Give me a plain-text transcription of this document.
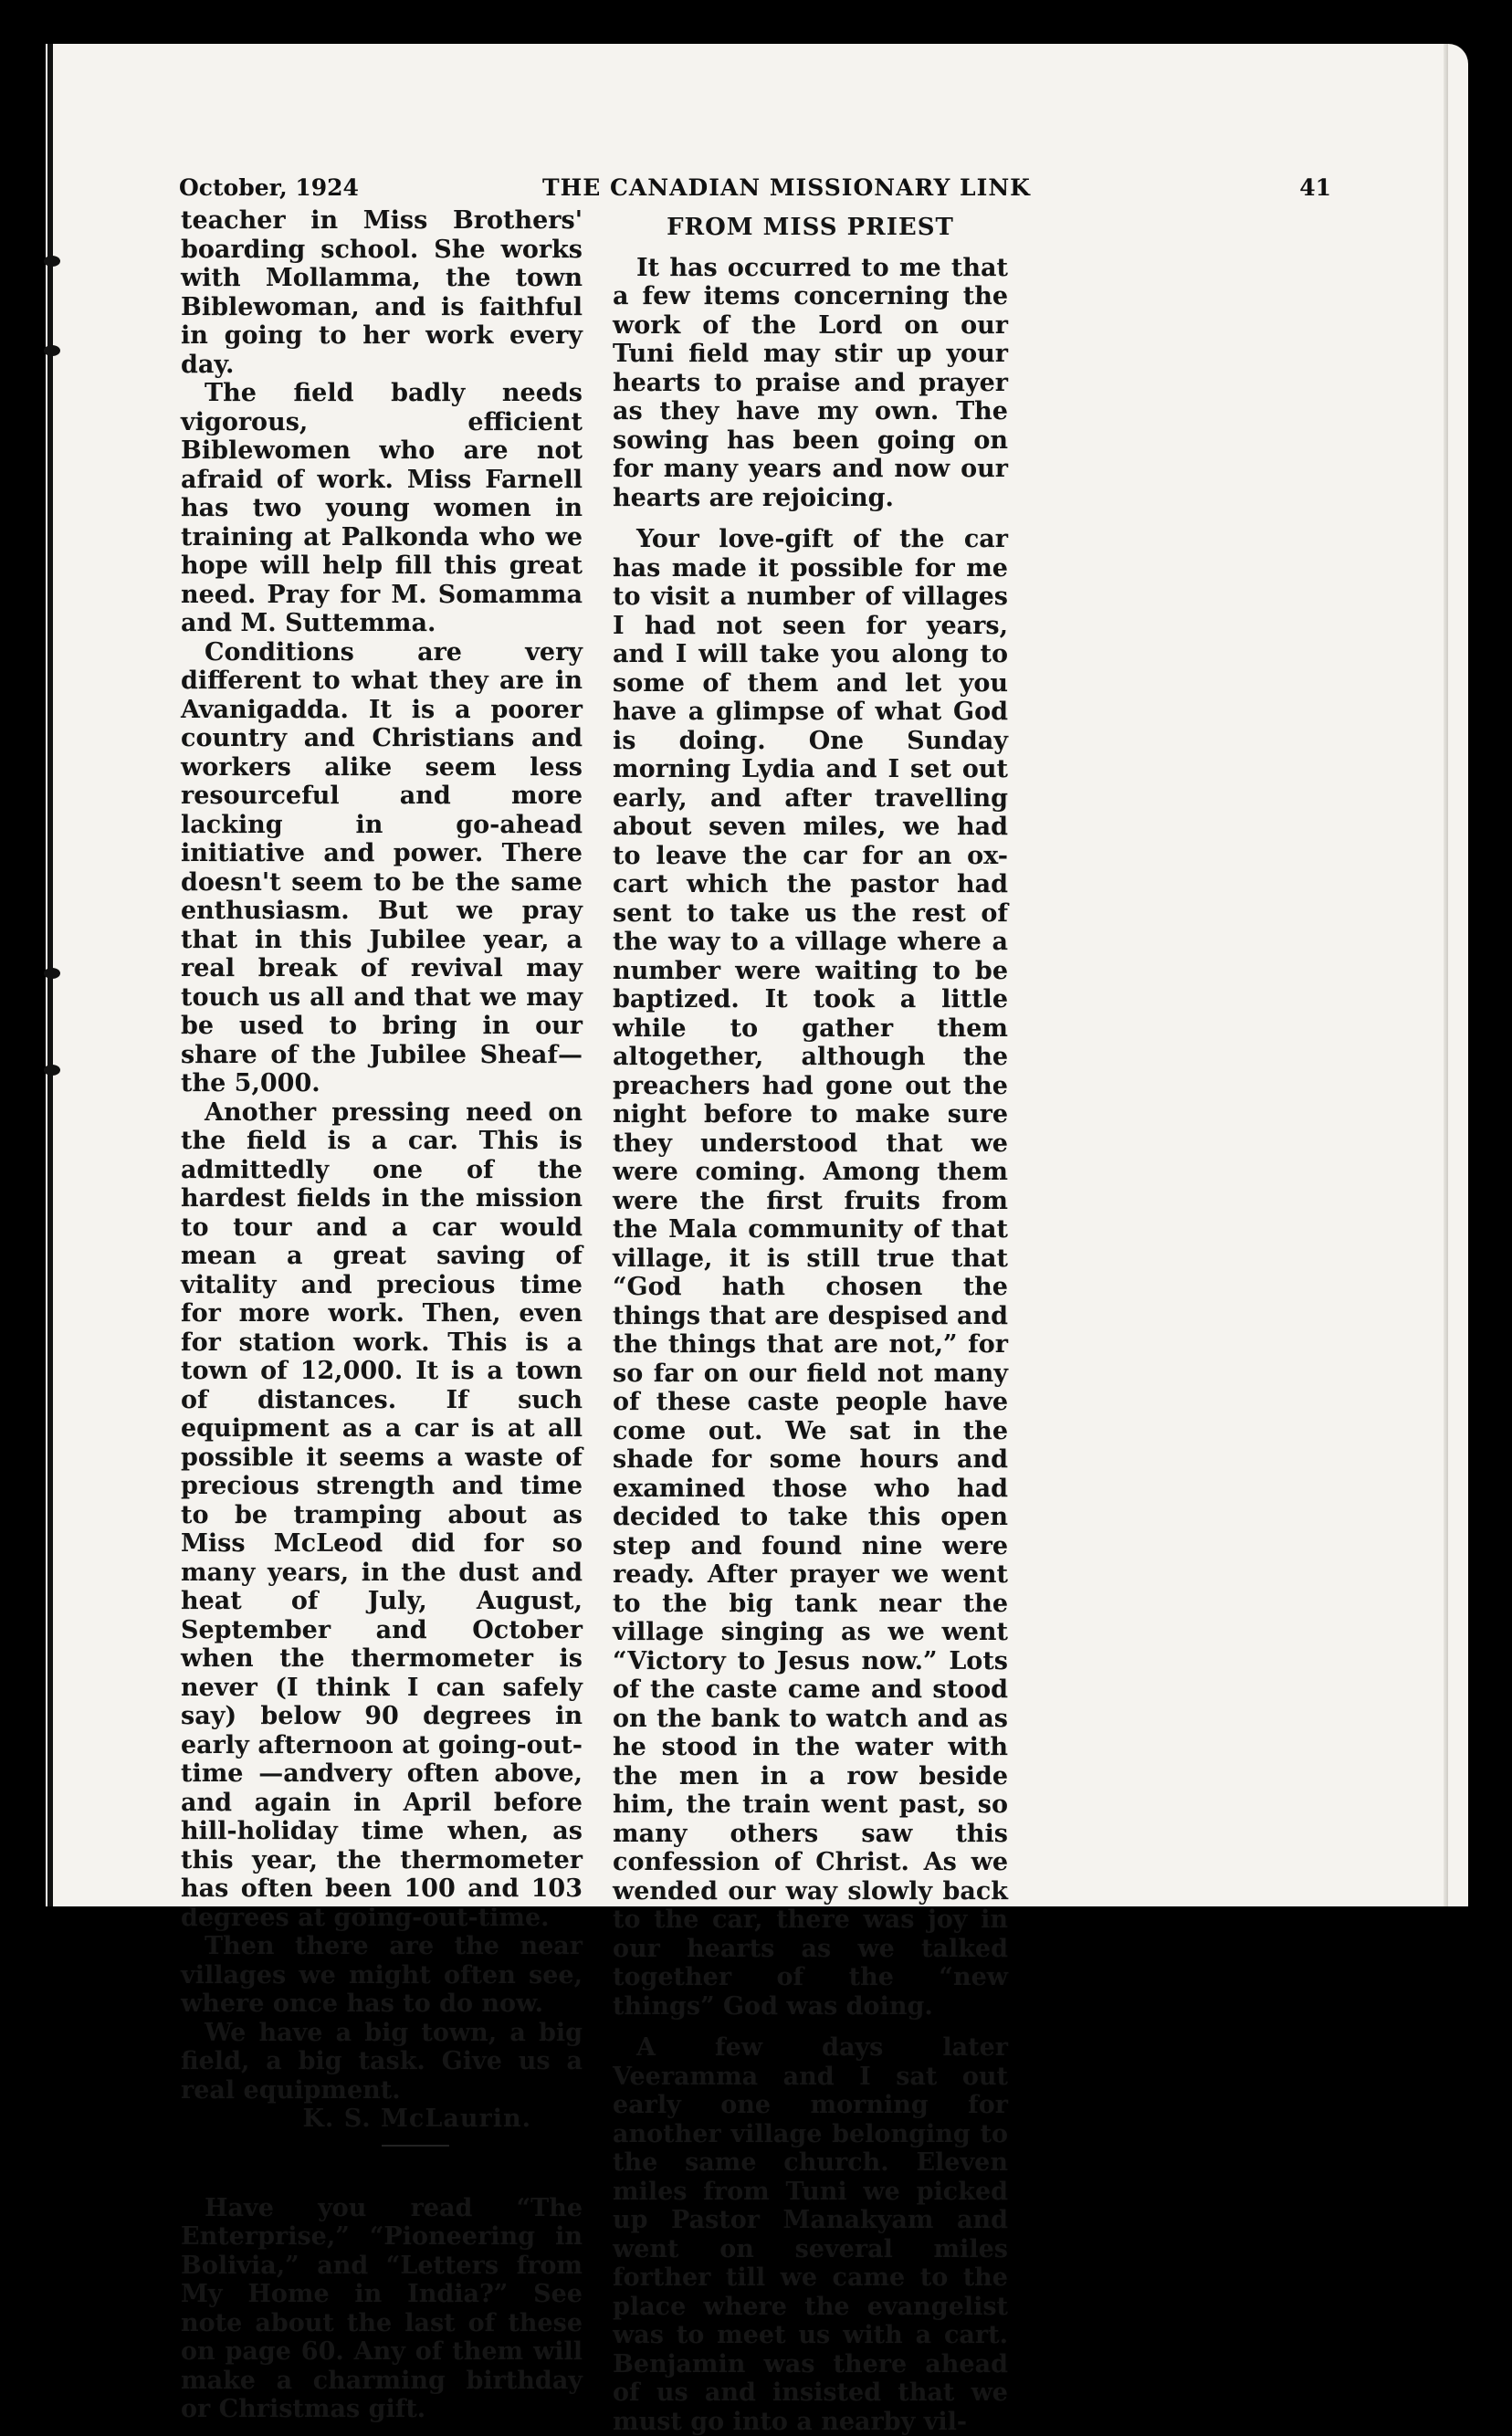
October, 1924	THE CANADIAN MISSIONARY LINK	41

teacher in Miss Brothers' boarding school. She works with Mollamma, the town Biblewoman, and is faithful in going to her work every day.

The field badly needs vigorous, efficient Biblewomen who are not afraid of work. Miss Farnell has two young women in training at Palkonda who we hope will help fill this great need. Pray for M. Somamma and M. Suttemma.

Conditions are very different to what they are in Avanigadda. It is a poorer country and Christians and workers alike seem less resourceful and more lacking in go-ahead initiative and power. There doesn't seem to be the same enthusiasm. But we pray that in this Jubilee year, a real break of revival may touch us all and that we may be used to bring in our share of the Jubilee Sheaf—the 5,000.

Another pressing need on the field is a car. This is admittedly one of the hardest fields in the mission to tour and a car would mean a great saving of vitality and precious time for more work. Then, even for station work. This is a town of 12,000. It is a town of distances. If such equipment as a car is at all possible it seems a waste of precious strength and time to be tramping about as Miss McLeod did for so many years, in the dust and heat of July, August, September and October when the thermometer is never (I think I can safely say) below 90 degrees in early afternoon at going-out-time —andvery often above, and again in April before hill-holiday time when, as this year, the thermometer has often been 100 and 103 degrees at going-out-time.

Then there are the near villages we might often see, where once has to do now.

We have a big town, a big field, a big task. Give us a real equipment.

K. S. McLaurin.

Have you read “The Enterprise,” “Pioneering in Bolivia,” and “Letters from My Home in India?” See note about the last of these on page 60. Any of them will make a charming birthday or Christmas gift.

FROM MISS PRIEST

It has occurred to me that a few items concerning the work of the Lord on our Tuni field may stir up your hearts to praise and prayer as they have my own. The sowing has been going on for many years and now our hearts are rejoicing.

Your love-gift of the car has made it possible for me to visit a number of villages I had not seen for years, and I will take you along to some of them and let you have a glimpse of what God is doing. One Sunday morning Lydia and I set out early, and after travelling about seven miles, we had to leave the car for an ox-cart which the pastor had sent to take us the rest of the way to a village where a number were waiting to be baptized. It took a little while to gather them altogether, although the preachers had gone out the night before to make sure they understood that we were coming. Among them were the first fruits from the Mala community of that village, it is still true that “God hath chosen the things that are despised and the things that are not,” for so far on our field not many of these caste people have come out. We sat in the shade for some hours and examined those who had decided to take this open step and found nine were ready. After prayer we went to the big tank near the village singing as we went “Victory to Jesus now.” Lots of the caste came and stood on the bank to watch and as he stood in the water with the men in a row beside him, the train went past, so many others saw this confession of Christ. As we wended our way slowly back to the car, there was joy in our hearts as we talked together of the “new things” God was doing.

A few days later Veeramma and I sat out early one morning for another village belonging to the same church. Eleven miles from Tuni we picked up Pastor Manakyam and went on several miles forther till we came to the place where the evangelist was to meet us with a cart. Benjamin was there ahead of us and insisted that we must go into a nearby vil-
